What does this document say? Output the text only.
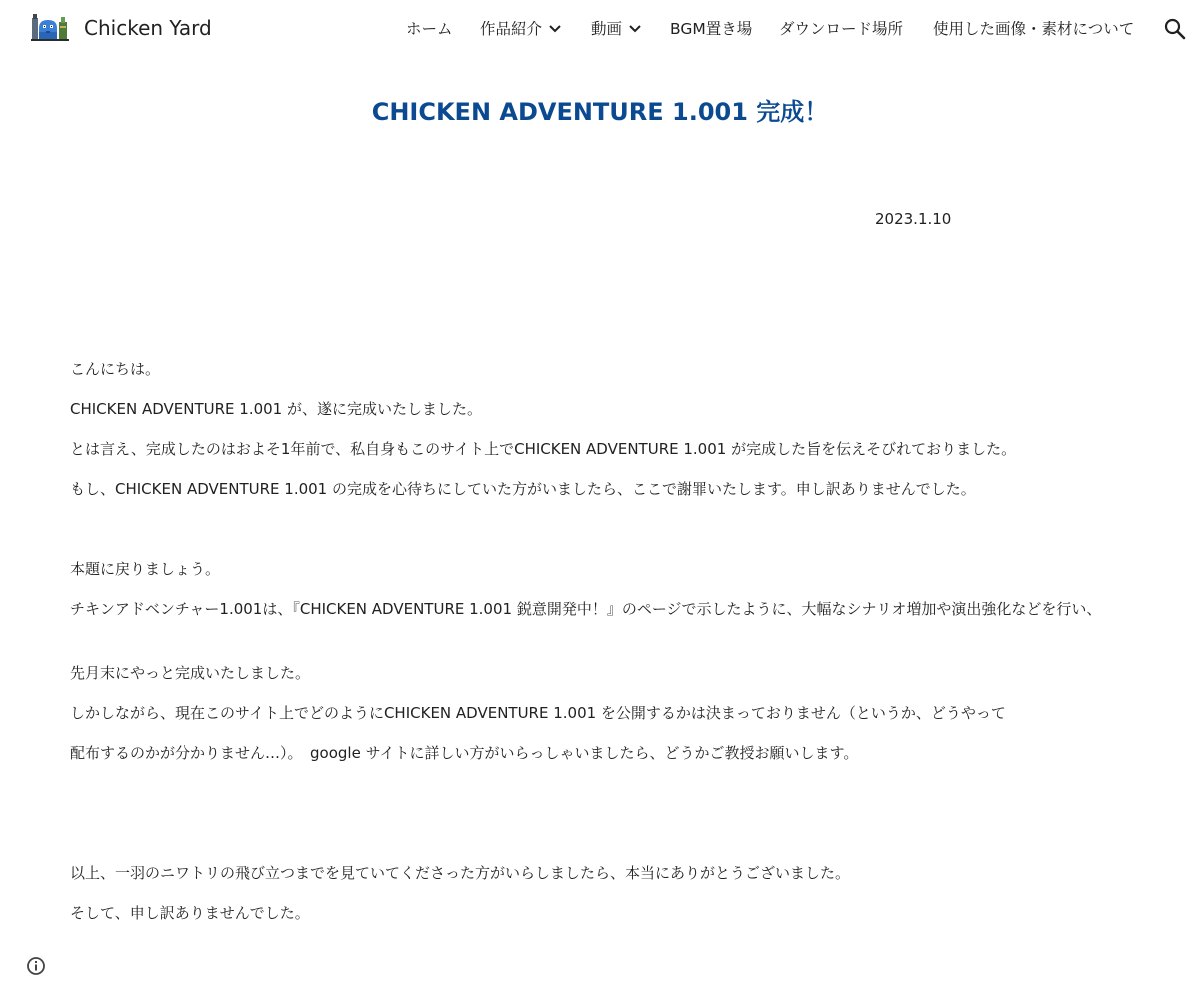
Chicken Yard	ホーム 作品紹介	動画	BGM置き場 ダウンロード場所 使用した画像・素材について
CHICKEN ADVENTURE 1.001 完成！
2023.1.10

こんにちは。

CHICKEN ADVENTURE 1.001 が、遂に完成いたしました。

とは言え、完成したのはおよそ1年前で、私自身もこのサイト上でCHICKEN ADVENTURE 1.001 が完成した旨を伝えそびれておりました。

もし、CHICKEN ADVENTURE 1.001 の完成を心待ちにしていた方がいましたら、ここで謝罪いたします。申し訳ありませんでした。

本題に戻りましょう。

チキンアドベンチャー1.001は、『CHICKEN ADVENTURE 1.001 鋭意開発中！』のページで示したように、大幅なシナリオ増加や演出強化などを行い、

先月末にやっと完成いたしました。

しかしながら、現在このサイト上でどのようにCHICKEN ADVENTURE 1.001 を公開するかは決まっておりません（というか、どうやって

配布するのかが分かりません…）。　google サイトに詳しい方がいらっしゃいましたら、どうかご教授お願いします。

以上、一羽のニワトリの飛び立つまでを見ていてくださった方がいらしましたら、本当にありがとうございました。

そして、申し訳ありませんでした。
